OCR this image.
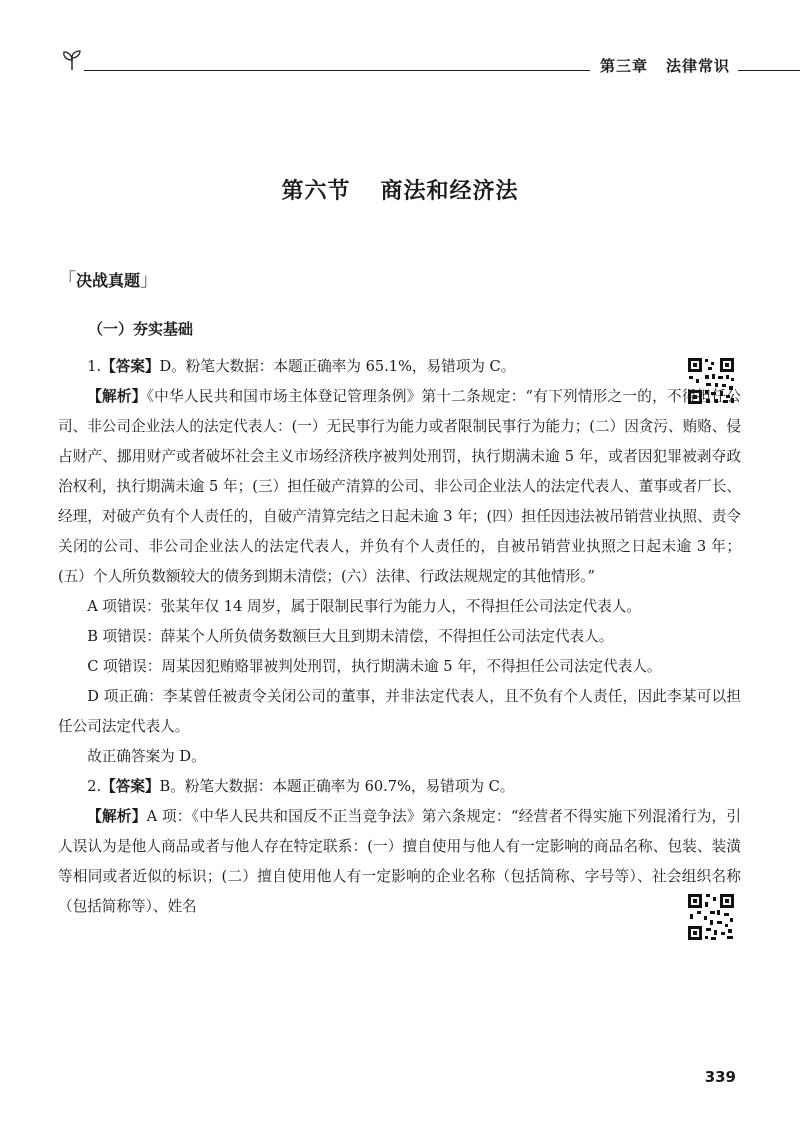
第三章 法律常识
第六节 商法和经济法
「决战真题」
（一）夯实基础

1.【答案】D。粉笔大数据：本题正确率为 65.1%，易错项为 C。

【解析】《中华人民共和国市场主体登记管理条例》第十二条规定：“有下列情形之一的，不得担任公司、非公司企业法人的法定代表人：(一）无民事行为能力或者限制民事行为能力；(二）因贪污、贿赂、侵占财产、挪用财产或者破坏社会主义市场经济秩序被判处刑罚，执行期满未逾 5 年，或者因犯罪被剥夺政治权利，执行期满未逾 5 年；(三）担任破产清算的公司、非公司企业法人的法定代表人、董事或者厂长、经理，对破产负有个人责任的，自破产清算完结之日起未逾 3 年；(四）担任因违法被吊销营业执照、责令关闭的公司、非公司企业法人的法定代表人，并负有个人责任的，自被吊销营业执照之日起未逾 3 年；(五）个人所负数额较大的债务到期未清偿；(六）法律、行政法规规定的其他情形。”

A 项错误：张某年仅 14 周岁，属于限制民事行为能力人，不得担任公司法定代表人。

B 项错误：薛某个人所负债务数额巨大且到期未清偿，不得担任公司法定代表人。

C 项错误：周某因犯贿赂罪被判处刑罚，执行期满未逾 5 年，不得担任公司法定代表人。

D 项正确：李某曾任被责令关闭公司的董事，并非法定代表人，且不负有个人责任，因此李某可以担任公司法定代表人。

故正确答案为 D。

2.【答案】B。粉笔大数据：本题正确率为 60.7%，易错项为 C。

【解析】A 项：《中华人民共和国反不正当竞争法》第六条规定：“经营者不得实施下列混淆行为，引人误认为是他人商品或者与他人存在特定联系：(一）擅自使用与他人有一定影响的商品名称、包装、装潢等相同或者近似的标识；(二）擅自使用他人有一定影响的企业名称（包括简称、字号等）、社会组织名称（包括简称等）、姓名

339
